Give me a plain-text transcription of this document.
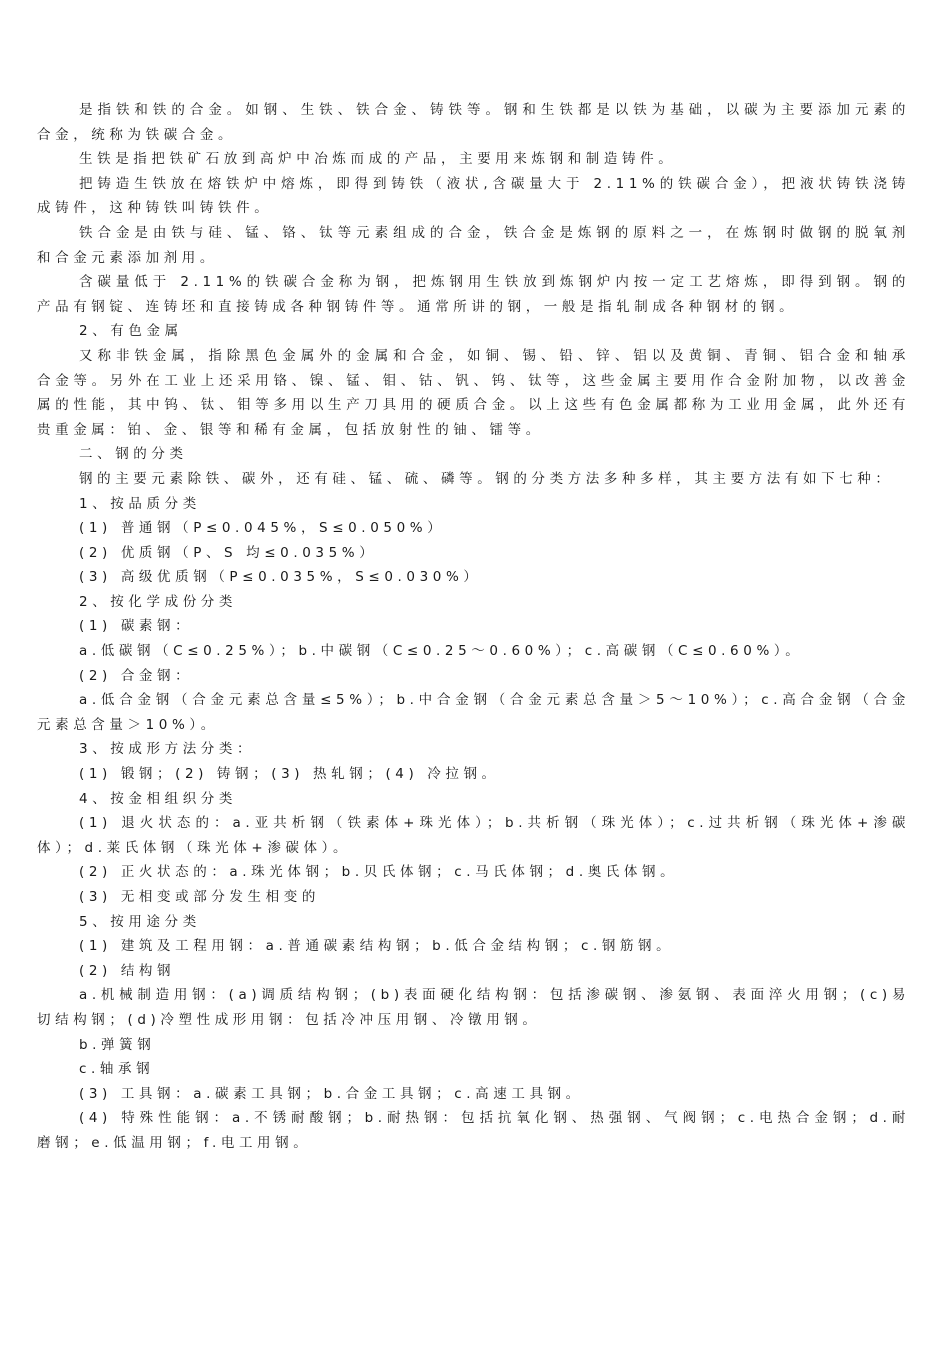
是指铁和铁的合金。如钢、生铁、铁合金、铸铁等。钢和生铁都是以铁为基础，以碳为主要添加元素的合金，统称为铁碳合金。

生铁是指把铁矿石放到高炉中冶炼而成的产品，主要用来炼钢和制造铸件。

把铸造生铁放在熔铁炉中熔炼，即得到铸铁（液状,含碳量大于 2.11%的铁碳合金），把液状铸铁浇铸成铸件，这种铸铁叫铸铁件。

铁合金是由铁与硅、锰、铬、钛等元素组成的合金，铁合金是炼钢的原料之一，在炼钢时做钢的脱氧剂和合金元素添加剂用。

含碳量低于 2.11%的铁碳合金称为钢，把炼钢用生铁放到炼钢炉内按一定工艺熔炼，即得到钢。钢的产品有钢锭、连铸坯和直接铸成各种钢铸件等。通常所讲的钢，一般是指轧制成各种钢材的钢。

2、有色金属

又称非铁金属，指除黑色金属外的金属和合金，如铜、锡、铅、锌、铝以及黄铜、青铜、铝合金和轴承合金等。另外在工业上还采用铬、镍、锰、钼、钴、钒、钨、钛等，这些金属主要用作合金附加物，以改善金属的性能，其中钨、钛、钼等多用以生产刀具用的硬质合金。以上这些有色金属都称为工业用金属，此外还有贵重金属：铂、金、银等和稀有金属，包括放射性的铀、镭等。

二、钢的分类

钢的主要元素除铁、碳外，还有硅、锰、硫、磷等。钢的分类方法多种多样，其主要方法有如下七种：

1、按品质分类

(1) 普通钢（P≤0.045%，S≤0.050%）

(2) 优质钢（P、S 均≤0.035%）

(3) 高级优质钢（P≤0.035%，S≤0.030%）

2、按化学成份分类

(1) 碳素钢：

a.低碳钢（C≤0.25%）；b.中碳钢（C≤0.25～0.60%）；c.高碳钢（C≤0.60%）。

(2) 合金钢：

a.低合金钢（合金元素总含量≤5%）；b.中合金钢（合金元素总含量＞5～10%）；c.高合金钢（合金元素总含量＞10%）。

3、按成形方法分类：

(1) 锻钢；(2) 铸钢；(3) 热轧钢；(4) 冷拉钢。

4、按金相组织分类

(1) 退火状态的：a.亚共析钢（铁素体+珠光体）；b.共析钢（珠光体）；c.过共析钢（珠光体+渗碳体）；d.莱氏体钢（珠光体+渗碳体）。

(2) 正火状态的：a.珠光体钢；b.贝氏体钢；c.马氏体钢；d.奥氏体钢。

(3) 无相变或部分发生相变的

5、按用途分类

(1) 建筑及工程用钢：a.普通碳素结构钢；b.低合金结构钢；c.钢筋钢。

(2) 结构钢

a.机械制造用钢：(a)调质结构钢；(b)表面硬化结构钢：包括渗碳钢、渗氨钢、表面淬火用钢；(c)易切结构钢；(d)冷塑性成形用钢：包括冷冲压用钢、冷镦用钢。

b.弹簧钢

c.轴承钢

(3) 工具钢：a.碳素工具钢；b.合金工具钢；c.高速工具钢。

(4) 特殊性能钢：a.不锈耐酸钢；b.耐热钢：包括抗氧化钢、热强钢、气阀钢；c.电热合金钢；d.耐磨钢；e.低温用钢；f.电工用钢。
